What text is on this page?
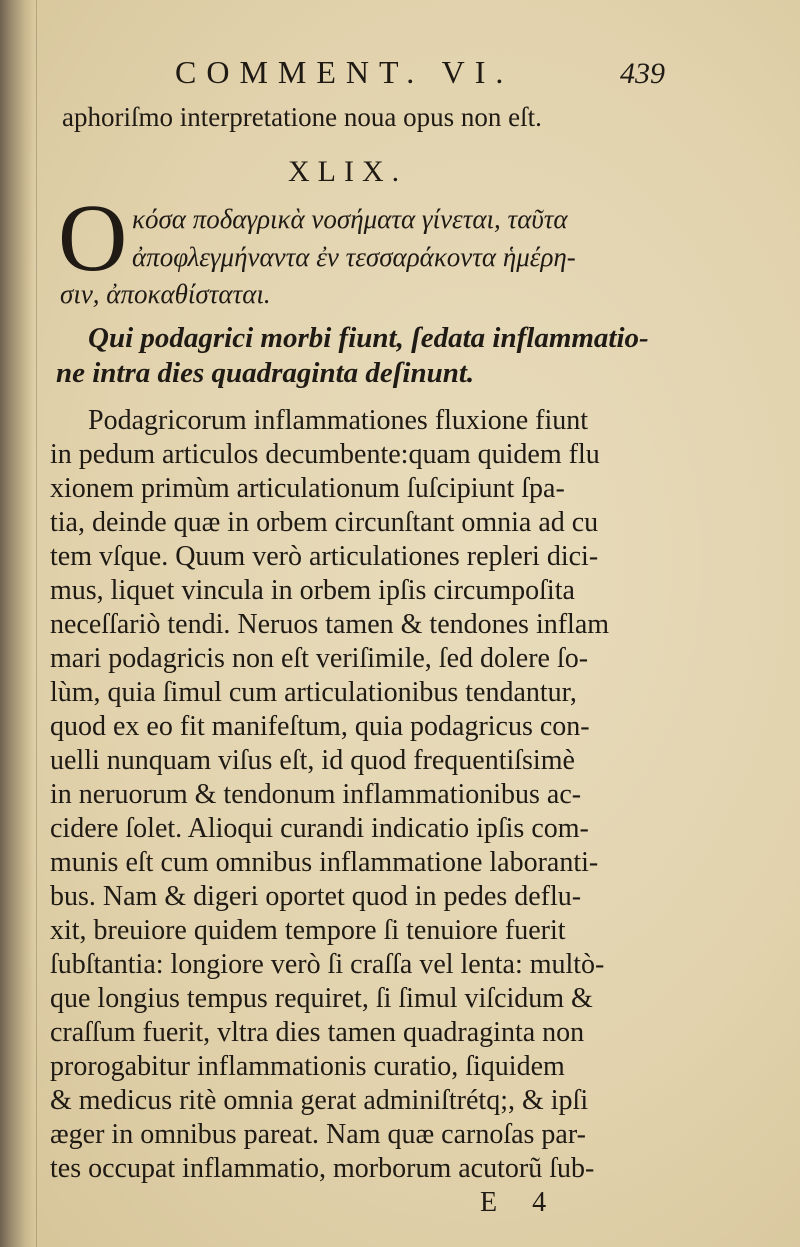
COMMENT. VI.	439
aphoriſmo interpretatione noua opus non eſt.
XLIX.
O κόσα ποδαγρικὰ νοσήματα γίνεται, ταῦτα
ἀποφλεγμήναντα ἐν τεσσαράκοντα ἡμέρη-
σιν, ἀποκαθίσταται.
Qui podagrici morbi fiunt, ſedata inflammatio-
ne intra dies quadraginta deſinunt.
Podagricorum inflammationes fluxione fiunt
in pedum articulos decumbente:quam quidem flu
xionem primùm articulationum ſuſcipiunt ſpa-
tia, deinde quæ in orbem circunſtant omnia ad cu
tem vſque. Quum verò articulationes repleri dici-
mus, liquet vincula in orbem ipſis circumpoſita
neceſſariò tendi. Neruos tamen & tendones inflam
mari podagricis non eſt veriſimile, ſed dolere ſo-
lùm, quia ſimul cum articulationibus tendantur,
quod ex eo fit manifeſtum, quia podagricus con-
uelli nunquam viſus eſt, id quod frequentiſsimè
in neruorum & tendonum inflammationibus ac-
cidere ſolet. Alioqui curandi indicatio ipſis com-
munis eſt cum omnibus inflammatione laboranti-
bus. Nam & digeri oportet quod in pedes deflu-
xit, breuiore quidem tempore ſi tenuiore fuerit
ſubſtantia: longiore verò ſi craſſa vel lenta: multò-
que longius tempus requiret, ſi ſimul viſcidum &
craſſum fuerit, vltra dies tamen quadraginta non
prorogabitur inflammationis curatio, ſiquidem
& medicus ritè omnia gerat adminiſtrétq;, & ipſi
æger in omnibus pareat. Nam quæ carnoſas par-
tes occupat inflammatio, morborum acutorũ ſub-
E 4
